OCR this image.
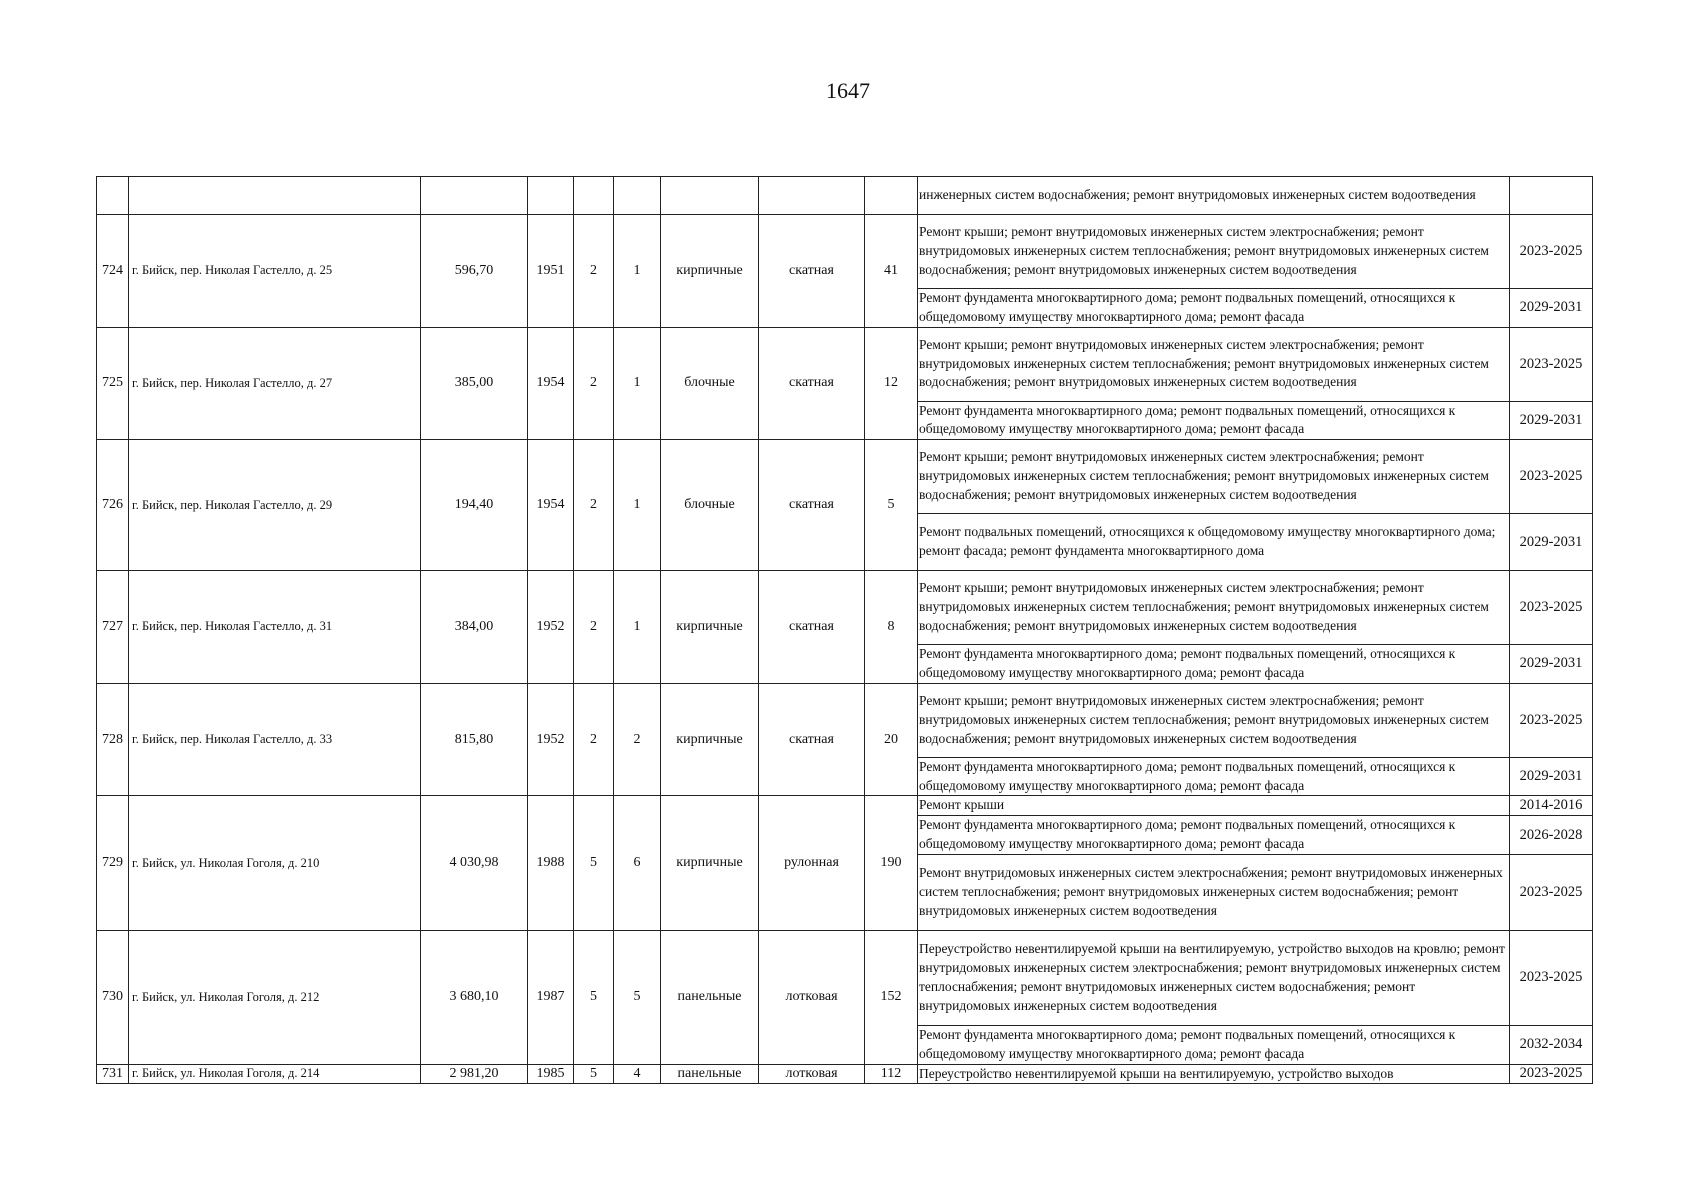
1647
									инженерных систем водоснабжения; ремонт внутридомовых инженерных систем водоотведения	
724	г. Бийск, пер. Николая Гастелло, д. 25	596,70	1951	2	1	кирпичные	скатная	41	Ремонт крыши; ремонт внутридомовых инженерных систем электроснабжения; ремонт внутридомовых инженерных систем теплоснабжения; ремонт внутридомовых инженерных систем водоснабжения; ремонт внутридомовых инженерных систем водоотведения	2023-2025
									Ремонт фундамента многоквартирного дома; ремонт подвальных помещений, относящихся к общедомовому имуществу многоквартирного дома; ремонт фасада	2029-2031
725	г. Бийск, пер. Николая Гастелло, д. 27	385,00	1954	2	1	блочные	скатная	12	Ремонт крыши; ремонт внутридомовых инженерных систем электроснабжения; ремонт внутридомовых инженерных систем теплоснабжения; ремонт внутридомовых инженерных систем водоснабжения; ремонт внутридомовых инженерных систем водоотведения	2023-2025
									Ремонт фундамента многоквартирного дома; ремонт подвальных помещений, относящихся к общедомовому имуществу многоквартирного дома; ремонт фасада	2029-2031
726	г. Бийск, пер. Николая Гастелло, д. 29	194,40	1954	2	1	блочные	скатная	5	Ремонт крыши; ремонт внутридомовых инженерных систем электроснабжения; ремонт внутридомовых инженерных систем теплоснабжения; ремонт внутридомовых инженерных систем водоснабжения; ремонт внутридомовых инженерных систем водоотведения	2023-2025
									Ремонт подвальных помещений, относящихся к общедомовому имуществу многоквартирного дома; ремонт фасада; ремонт фундамента многоквартирного дома	2029-2031
727	г. Бийск, пер. Николая Гастелло, д. 31	384,00	1952	2	1	кирпичные	скатная	8	Ремонт крыши; ремонт внутридомовых инженерных систем электроснабжения; ремонт внутридомовых инженерных систем теплоснабжения; ремонт внутридомовых инженерных систем водоснабжения; ремонт внутридомовых инженерных систем водоотведения	2023-2025
									Ремонт фундамента многоквартирного дома; ремонт подвальных помещений, относящихся к общедомовому имуществу многоквартирного дома; ремонт фасада	2029-2031
728	г. Бийск, пер. Николая Гастелло, д. 33	815,80	1952	2	2	кирпичные	скатная	20	Ремонт крыши; ремонт внутридомовых инженерных систем электроснабжения; ремонт внутридомовых инженерных систем теплоснабжения; ремонт внутридомовых инженерных систем водоснабжения; ремонт внутридомовых инженерных систем водоотведения	2023-2025
									Ремонт фундамента многоквартирного дома; ремонт подвальных помещений, относящихся к общедомовому имуществу многоквартирного дома; ремонт фасада	2029-2031
729	г. Бийск, ул. Николая Гоголя, д. 210	4 030,98	1988	5	6	кирпичные	рулонная	190	Ремонт крыши	2014-2016
									Ремонт фундамента многоквартирного дома; ремонт подвальных помещений, относящихся к общедомовому имуществу многоквартирного дома; ремонт фасада	2026-2028
									Ремонт внутридомовых инженерных систем электроснабжения; ремонт внутридомовых инженерных систем теплоснабжения; ремонт внутридомовых инженерных систем водоснабжения; ремонт внутридомовых инженерных систем водоотведения	2023-2025
730	г. Бийск, ул. Николая Гоголя, д. 212	3 680,10	1987	5	5	панельные	лотковая	152	Переустройство невентилируемой крыши на вентилируемую, устройство выходов на кровлю; ремонт внутридомовых инженерных систем электроснабжения; ремонт внутридомовых инженерных систем теплоснабжения; ремонт внутридомовых инженерных систем водоснабжения; ремонт внутридомовых инженерных систем водоотведения	2023-2025
									Ремонт фундамента многоквартирного дома; ремонт подвальных помещений, относящихся к общедомовому имуществу многоквартирного дома; ремонт фасада	2032-2034
731	г. Бийск, ул. Николая Гоголя, д. 214	2 981,20	1985	5	4	панельные	лотковая	112	Переустройство невентилируемой крыши на вентилируемую, устройство выходов	2023-2025
